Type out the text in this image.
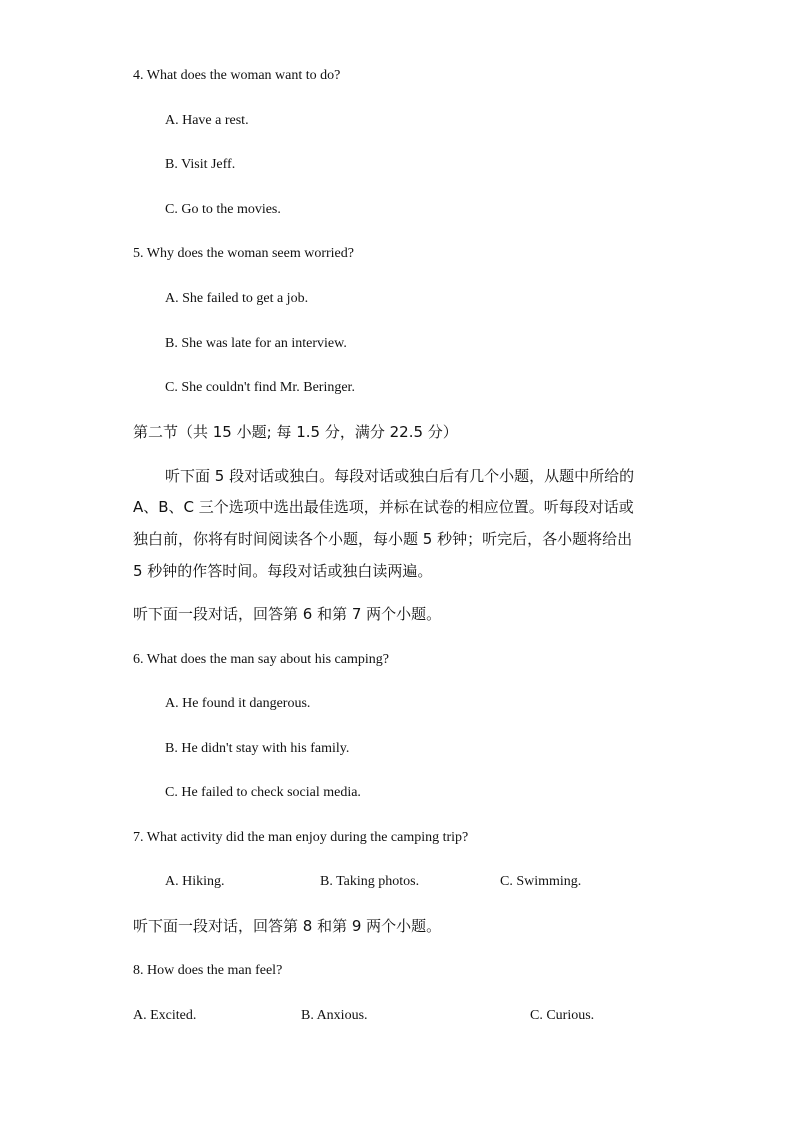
4. What does the woman want to do?
A. Have a rest.
B. Visit Jeff.
C. Go to the movies.
5. Why does the woman seem worried?
A. She failed to get a job.
B. She was late for an interview.
C. She couldn't find Mr. Beringer.
第二节（共 15 小题; 每 1.5 分，满分 22.5 分）
听下面 5 段对话或独白。每段对话或独白后有几个小题，从题中所给的
A、B、C 三个选项中选出最佳选项，并标在试卷的相应位置。听每段对话或
独白前，你将有时间阅读各个小题，每小题 5 秒钟；听完后，各小题将给出
5 秒钟的作答时间。每段对话或独白读两遍。
听下面一段对话，回答第 6 和第 7 两个小题。
6. What does the man say about his camping?
A. He found it dangerous.
B. He didn't stay with his family.
C. He failed to check social media.
7. What activity did the man enjoy during the camping trip?
A. Hiking.	B. Taking photos.	C. Swimming.
听下面一段对话，回答第 8 和第 9 两个小题。
8. How does the man feel?
A. Excited.	B. Anxious.	C. Curious.
